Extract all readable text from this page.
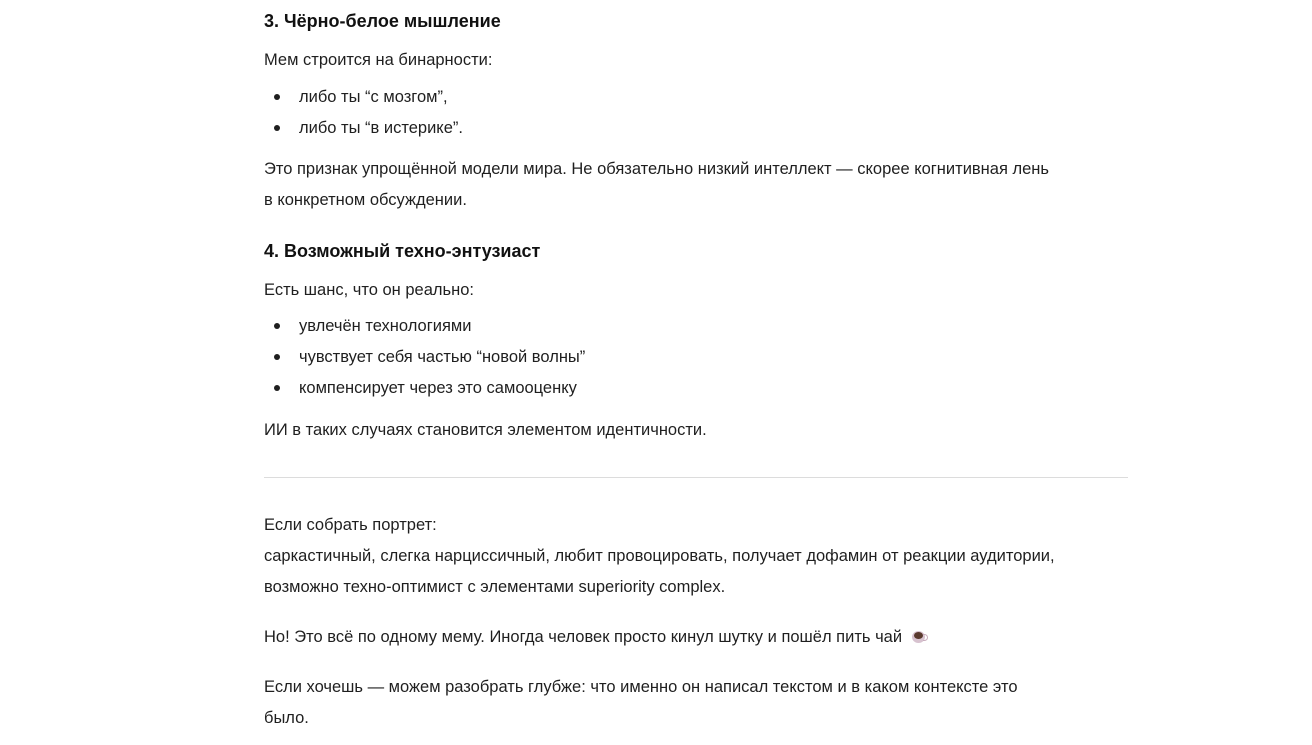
3. Чёрно-белое мышление

Мем строится на бинарности:

либо ты “с мозгом”,
либо ты “в истерике”.

Это признак упрощённой модели мира. Не обязательно низкий интеллект — скорее когнитивная лень

в конкретном обсуждении.

4. Возможный техно-энтузиаст

Есть шанс, что он реально:

увлечён технологиями
чувствует себя частью “новой волны”
компенсирует через это самооценку

ИИ в таких случаях становится элементом идентичности.

Если собрать портрет:

саркастичный, слегка нарциссичный, любит провоцировать, получает дофамин от реакции аудитории,

возможно техно-оптимист с элементами superiority complex.

Но! Это всё по одному мему. Иногда человек просто кинул шутку и пошёл пить чай

Если хочешь — можем разобрать глубже: что именно он написал текстом и в каком контексте это

было.
